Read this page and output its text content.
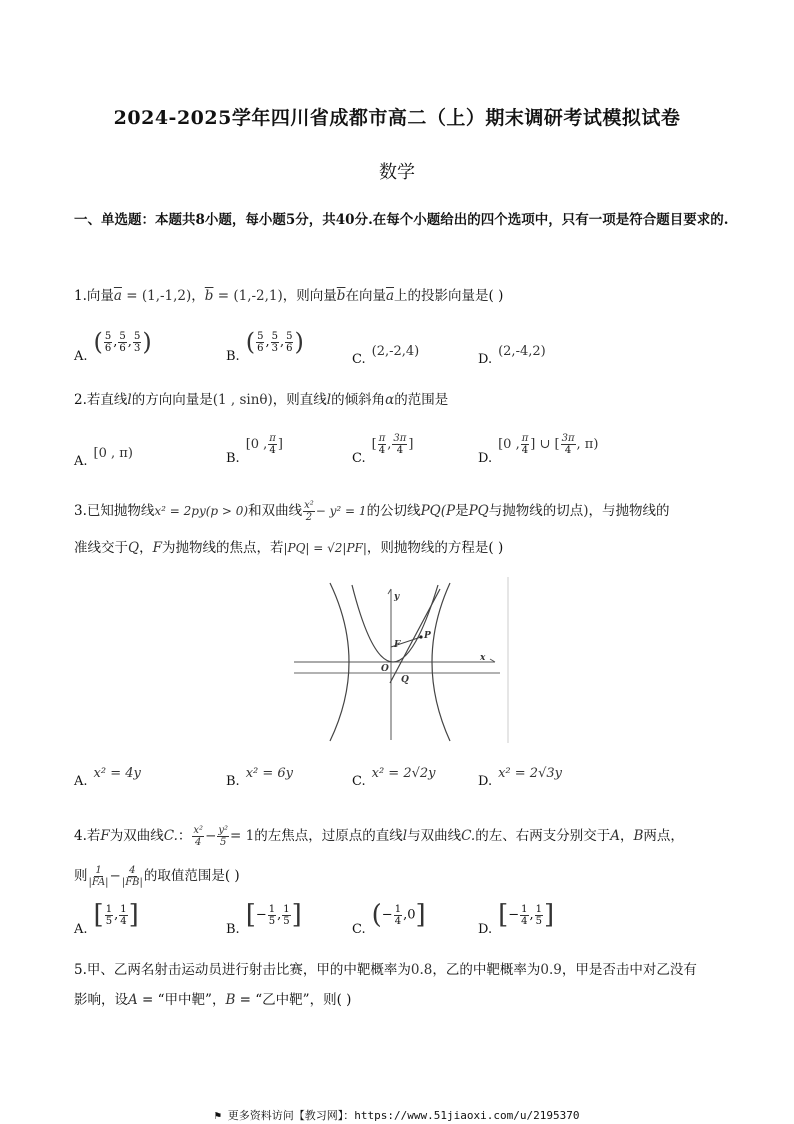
2024-2025学年四川省成都市高二（上）期末调研考试模拟试卷
数学
一、单选题：本题共8小题，每小题5分，共40分.在每个小题给出的四个选项中，只有一项是符合题目要求的.
1.向量$\overline{a} = (1,-1,2)$，$\overline{b} = (1,-2,1)$，则向量$\overline{b}$在向量$\overline{a}$上的投影向量是( )
A. ( $\frac{5}{6}$ , $\frac{5}{6}$ , $\frac{5}{3}$ )	B. ( $\frac{5}{6}$ , $\frac{5}{3}$ , $\frac{5}{6}$ )
C.(2,-2,4)
D.(2,-4,2)
2.若直线l的方向向量是(1 , sinθ)，则直线l的倾斜角α的范围是
A.[0 , π)	B.[0 , $\frac{\pi}{4}$ ]
$C.[ \frac{\pi}{4}$ , $\frac{3\pi}{4}$ ]
D.[0 , $\frac{\pi}{4}$ ] ∪ [ $\frac{3\pi}{4}$ , π)
3.已知抛物线x² = 2py(p > 0)和双曲线 $\frac{\text{x²}}{2} - y^2 = 1$的公切线PQ(P是PQ与抛物线的切点)，与抛物线的
准线交于Q，F为抛物线的焦点，若|PQ| = √2|PF|，则抛物线的方程是( )
y
x
O
F
P
Q
A.x² = 4y
B.x² = 6y
C.x² = 2√2y
D.x² = 2√3y
4.若F为双曲线C.： $\frac{\text{x²}}{4} - \frac{\text{y²}}{5} = 1$的左焦点，过原点的直线l与双曲线C.的左、右两支分别交于A，B两点，
则 $\frac{1}{|FA|} - \frac{4}{|FB|}$ 的取值范围是( )
A. [ $\frac{1}{5}$ , $\frac{1}{4}$ ]	B. [− $\frac{1}{5}$ , $\frac{1}{5}$ ]	C. (− $\frac{1}{4} ,0$]	D. [− $\frac{1}{4}$ , $\frac{1}{5}$ ]
5.甲、乙两名射击运动员进行射击比赛，甲的中靶概率为0.8，乙的中靶概率为0.9，甲是否击中对乙没有
影响，设A = “甲中靶”，B = “乙中靶”，则( )
⚑ 更多资料访问【教习网】：https://www.51jiaoxi.com/u/2195370
